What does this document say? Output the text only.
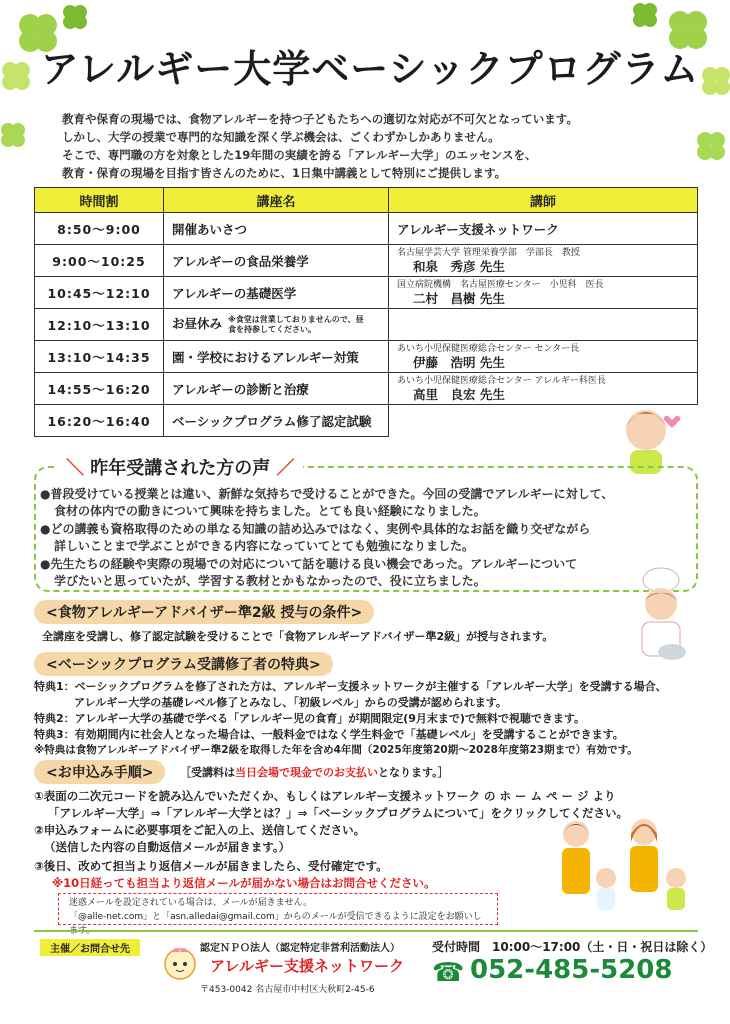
アレルギー大学ベーシックプログラム
教育や保育の現場では、食物アレルギーを持つ子どもたちへの適切な対応が不可欠となっています。
しかし、大学の授業で専門的な知識を深く学ぶ機会は、ごくわずかしかありません。
そこで、専門職の方を対象とした19年間の実績を誇る「アレルギー大学」のエッセンスを、
教育・保育の現場を目指す皆さんのために、1日集中講義として特別にご提供します。
時間割	講座名	講師
8:50～9:00	開催あいさつ	アレルギー支援ネットワーク
9:00～10:25	アレルギーの食品栄養学	名古屋学芸大学 管理栄養学部　学部長　教授
和泉　秀彦 先生

10:45～12:10	アレルギーの基礎医学	国立病院機構　名古屋医療センター　小児科　医長
二村　昌樹 先生

12:10～13:10	お昼休み ※食堂は営業しておりませんので、昼食を持参してください。	
13:10～14:35	園・学校におけるアレルギー対策	あいち小児保健医療総合センター センター長
伊藤　浩明 先生

14:55～16:20	アレルギーの診断と治療	あいち小児保健医療総合センター アレルギー科医長
高里　良宏 先生

16:20～16:40	ベーシックプログラム修了認定試験	
＼ 昨年受講された方の声 ／
●普段受けている授業とは違い、新鮮な気持ちで受けることができた。今回の受講でアレルギーに対して、
食材の体内での動きについて興味を持ちました。とても良い経験になりました。
●どの講義も資格取得のための単なる知識の詰め込みではなく、実例や具体的なお話を織り交ぜながら
詳しいことまで学ぶことができる内容になっていてとても勉強になりました。
●先生たちの経験や実際の現場での対応について話を聴ける良い機会であった。アレルギーについて
学びたいと思っていたが、学習する教材とかもなかったので、役に立ちました。
<食物アレルギーアドバイザー準2級 授与の条件>
全講座を受講し、修了認定試験を受けることで「食物アレルギーアドバイザー準2級」が授与されます。
<ベーシックプログラム受講修了者の特典>
特典1：ベーシックプログラムを修了された方は、アレルギー支援ネットワークが主催する「アレルギー大学」を受講する場合、
アレルギー大学の基礎レベル修了とみなし、「初級レベル」からの受講が認められます。
特典2：アレルギー大学の基礎で学べる「アレルギー児の食育」が期間限定(9月末まで)で無料で視聴できます。
特典3：有効期間内に社会人となった場合は、一般料金ではなく学生料金で「基礎レベル」を受講することができます。
※特典は食物アレルギーアドバイザー準2級を取得した年を含め4年間（2025年度第20期～2028年度第23期まで）有効です。
<お申込み手順>	［受講料は当日会場で現金でのお支払いとなります。］
①表面の二次元コードを読み込んでいただくか、もしくはアレルギー支援ネットワーク の ホ ー ム ペ ー ジ より
「アレルギー大学」⇒「アレルギー大学とは？」⇒「ベーシックプログラムについて」をクリックしてください。
②申込みフォームに必要事項をご記入の上、送信してください。
（送信した内容の自動返信メールが届きます。）
③後日、改めて担当より返信メールが届きましたら、受付確定です。
※10日経っても担当より返信メールが届かない場合はお問合せください。
迷惑メールを設定されている場合は、メールが届きません。
「@alle-net.com」と「asn.alledai@gmail.com」からのメールが受信できるように設定をお願いします。
主催／お問合せ先	認定ＮＰＯ法人（認定特定非営利活動法人）
アレルギー支援ネットワーク
〒453-0042 名古屋市中村区大秋町2-45-6
受付時間　10:00～17:00（土・日・祝日は除く）
☎ 052-485-5208
